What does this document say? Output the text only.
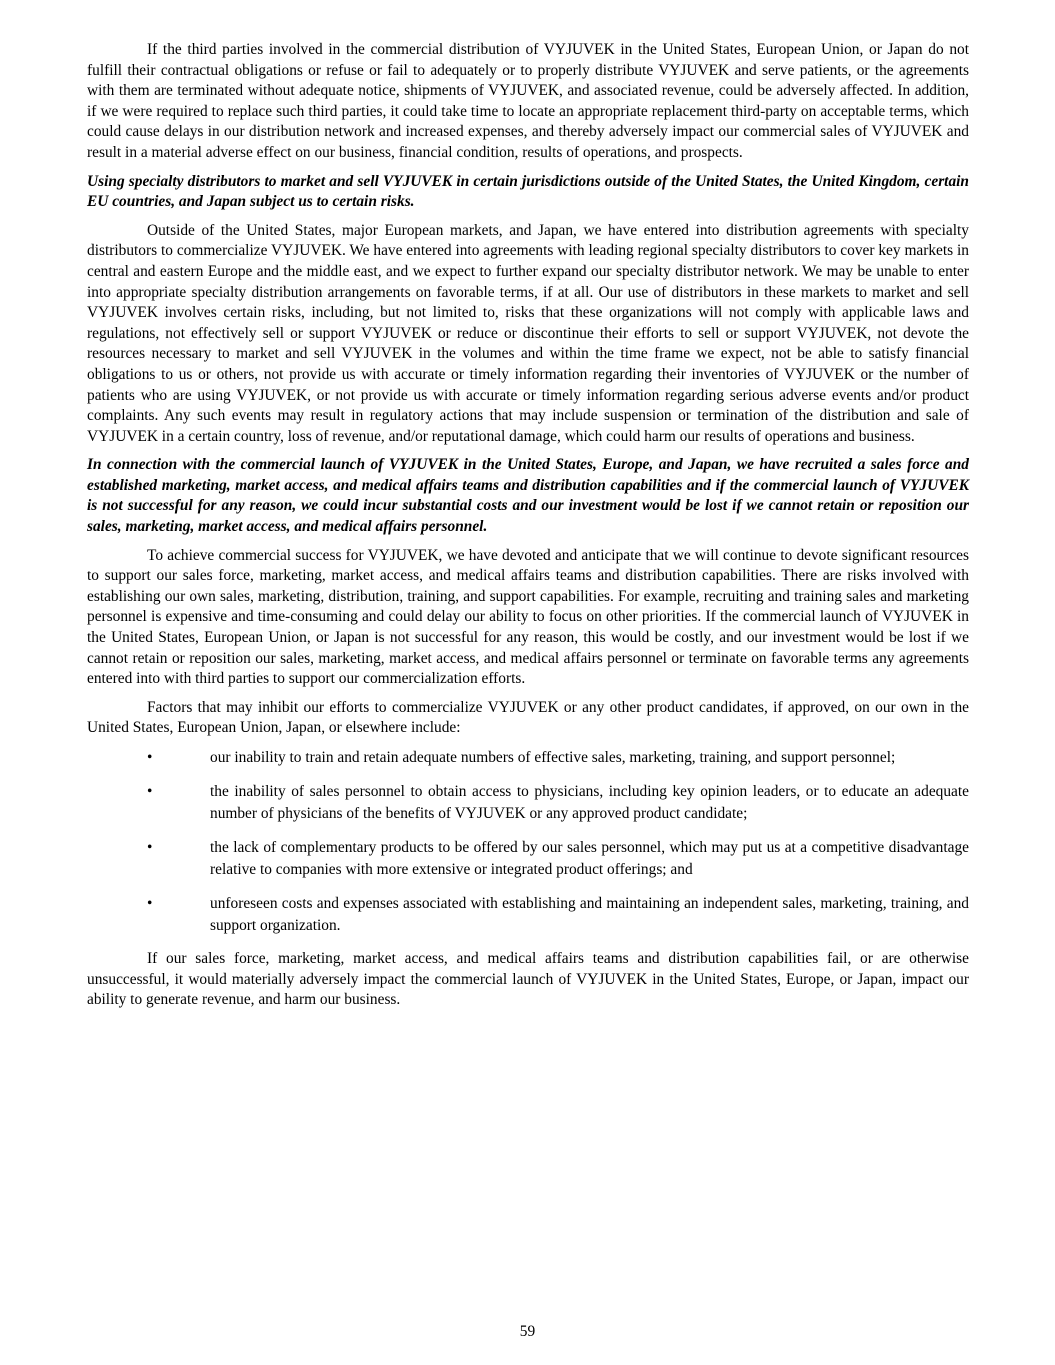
If the third parties involved in the commercial distribution of VYJUVEK in the United States, European Union, or Japan do not fulfill their contractual obligations or refuse or fail to adequately or to properly distribute VYJUVEK and serve patients, or the agreements with them are terminated without adequate notice, shipments of VYJUVEK, and associated revenue, could be adversely affected. In addition, if we were required to replace such third parties, it could take time to locate an appropriate replacement third-party on acceptable terms, which could cause delays in our distribution network and increased expenses, and thereby adversely impact our commercial sales of VYJUVEK and result in a material adverse effect on our business, financial condition, results of operations, and prospects.

Using specialty distributors to market and sell VYJUVEK in certain jurisdictions outside of the United States, the United Kingdom, certain EU countries, and Japan subject us to certain risks.

Outside of the United States, major European markets, and Japan, we have entered into distribution agreements with specialty distributors to commercialize VYJUVEK. We have entered into agreements with leading regional specialty distributors to cover key markets in central and eastern Europe and the middle east, and we expect to further expand our specialty distributor network. We may be unable to enter into appropriate specialty distribution arrangements on favorable terms, if at all. Our use of distributors in these markets to market and sell VYJUVEK involves certain risks, including, but not limited to, risks that these organizations will not comply with applicable laws and regulations, not effectively sell or support VYJUVEK or reduce or discontinue their efforts to sell or support VYJUVEK, not devote the resources necessary to market and sell VYJUVEK in the volumes and within the time frame we expect, not be able to satisfy financial obligations to us or others, not provide us with accurate or timely information regarding their inventories of VYJUVEK or the number of patients who are using VYJUVEK, or not provide us with accurate or timely information regarding serious adverse events and/or product complaints. Any such events may result in regulatory actions that may include suspension or termination of the distribution and sale of VYJUVEK in a certain country, loss of revenue, and/or reputational damage, which could harm our results of operations and business.

In connection with the commercial launch of VYJUVEK in the United States, Europe, and Japan, we have recruited a sales force and established marketing, market access, and medical affairs teams and distribution capabilities and if the commercial launch of VYJUVEK is not successful for any reason, we could incur substantial costs and our investment would be lost if we cannot retain or reposition our sales, marketing, market access, and medical affairs personnel.

To achieve commercial success for VYJUVEK, we have devoted and anticipate that we will continue to devote significant resources to support our sales force, marketing, market access, and medical affairs teams and distribution capabilities. There are risks involved with establishing our own sales, marketing, distribution, training, and support capabilities. For example, recruiting and training sales and marketing personnel is expensive and time-consuming and could delay our ability to focus on other priorities. If the commercial launch of VYJUVEK in the United States, European Union, or Japan is not successful for any reason, this would be costly, and our investment would be lost if we cannot retain or reposition our sales, marketing, market access, and medical affairs personnel or terminate on favorable terms any agreements entered into with third parties to support our commercialization efforts.

Factors that may inhibit our efforts to commercialize VYJUVEK or any other product candidates, if approved, on our own in the United States, European Union, Japan, or elsewhere include:

•	our inability to train and retain adequate numbers of effective sales, marketing, training, and support personnel;
•	the inability of sales personnel to obtain access to physicians, including key opinion leaders, or to educate an adequate number of physicians of the benefits of VYJUVEK or any approved product candidate;
•	the lack of complementary products to be offered by our sales personnel, which may put us at a competitive disadvantage relative to companies with more extensive or integrated product offerings; and
•	unforeseen costs and expenses associated with establishing and maintaining an independent sales, marketing, training, and support organization.

If our sales force, marketing, market access, and medical affairs teams and distribution capabilities fail, or are otherwise unsuccessful, it would materially adversely impact the commercial launch of VYJUVEK in the United States, Europe, or Japan, impact our ability to generate revenue, and harm our business.

59
